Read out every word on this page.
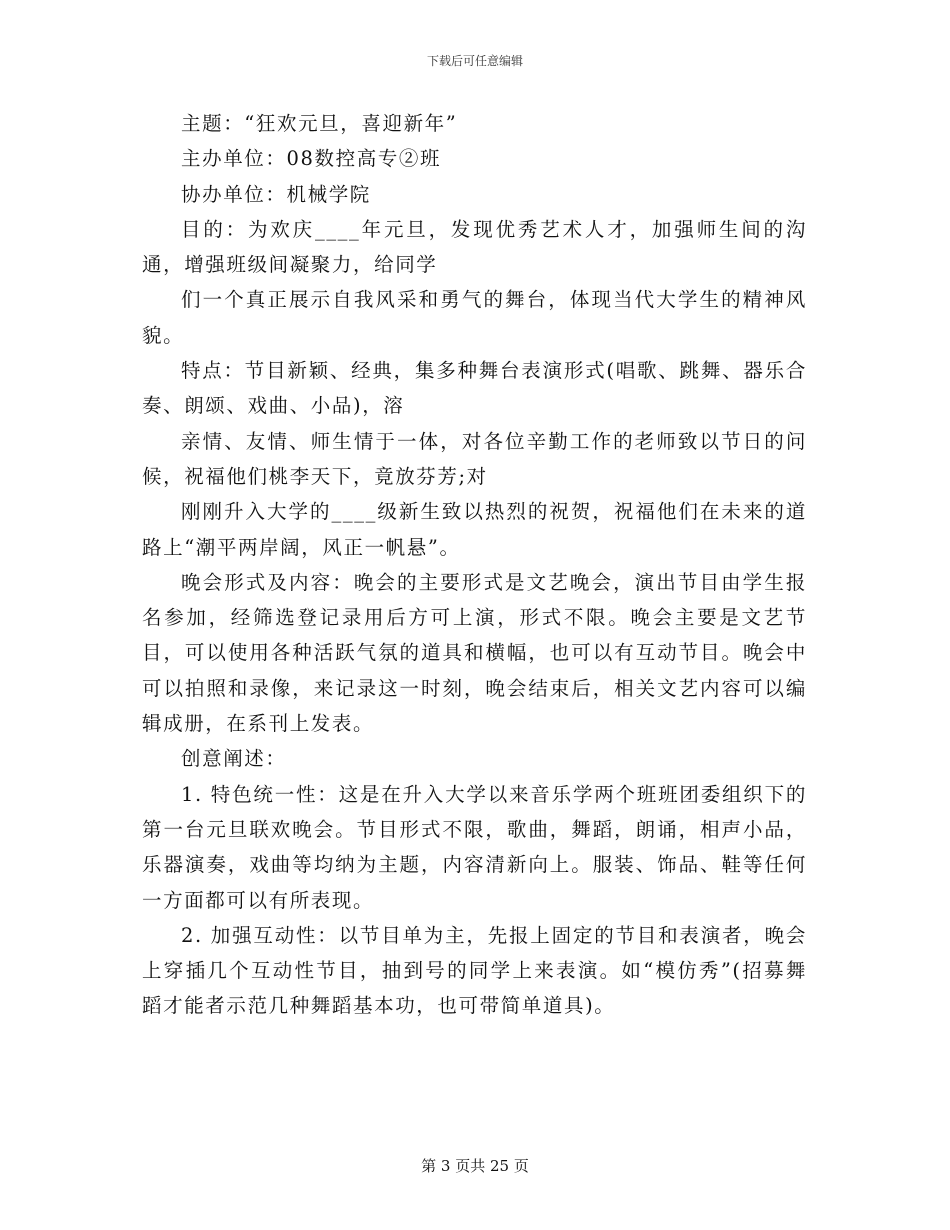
下载后可任意编辑

主题：“狂欢元旦，喜迎新年”

主办单位：08数控高专②班

协办单位：机械学院

目的：为欢庆____年元旦，发现优秀艺术人才，加强师生间的沟通，增强班级间凝聚力，给同学

们一个真正展示自我风采和勇气的舞台，体现当代大学生的精神风貌。

特点：节目新颖、经典，集多种舞台表演形式(唱歌、跳舞、器乐合奏、朗颂、戏曲、小品)，溶

亲情、友情、师生情于一体，对各位辛勤工作的老师致以节日的问候，祝福他们桃李天下，竟放芬芳;对

刚刚升入大学的____级新生致以热烈的祝贺，祝福他们在未来的道路上“潮平两岸阔，风正一帆悬”。

晚会形式及内容：晚会的主要形式是文艺晚会，演出节目由学生报名参加，经筛选登记录用后方可上演，形式不限。晚会主要是文艺节目，可以使用各种活跃气氛的道具和横幅，也可以有互动节目。晚会中可以拍照和录像，来记录这一时刻，晚会结束后，相关文艺内容可以编辑成册，在系刊上发表。

创意阐述：

1. 特色统一性：这是在升入大学以来音乐学两个班班团委组织下的第一台元旦联欢晚会。节目形式不限，歌曲，舞蹈，朗诵，相声小品，乐器演奏，戏曲等均纳为主题，内容清新向上。服装、饰品、鞋等任何一方面都可以有所表现。

2. 加强互动性：以节目单为主，先报上固定的节目和表演者，晚会上穿插几个互动性节目，抽到号的同学上来表演。如“模仿秀”(招募舞蹈才能者示范几种舞蹈基本功，也可带简单道具)。

第 3 页共 25 页
